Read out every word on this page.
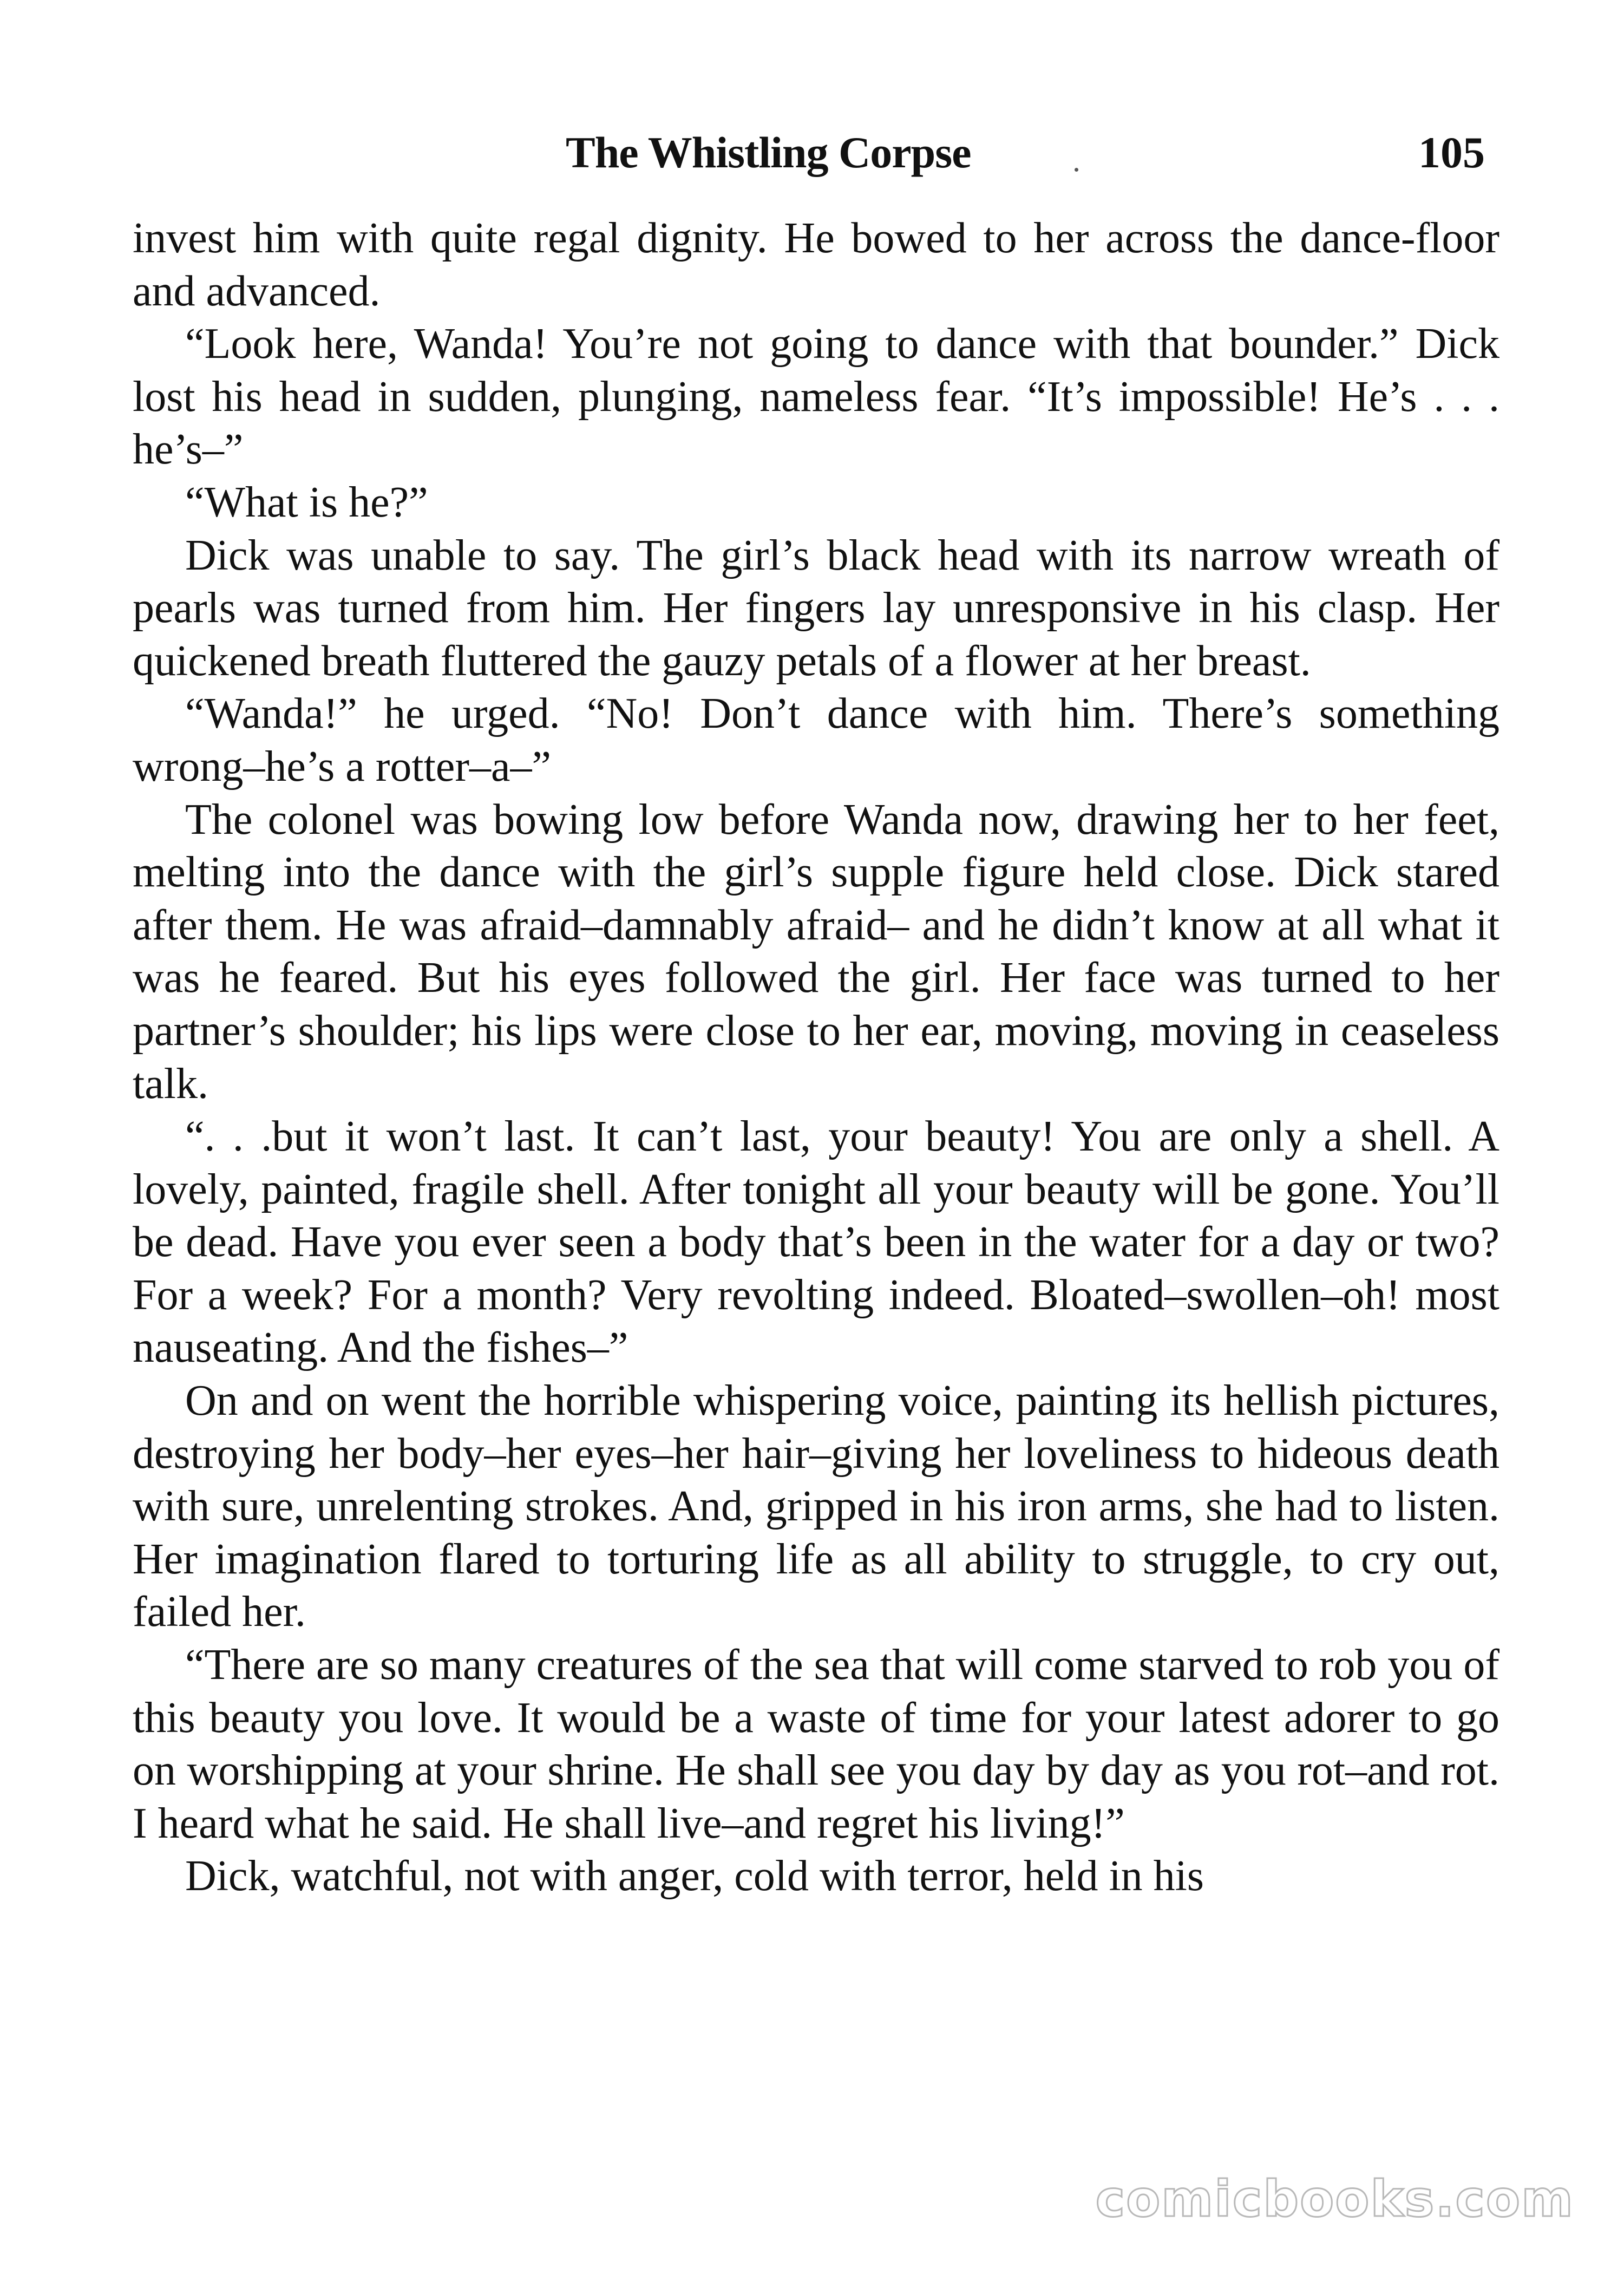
The Whistling Corpse	105

invest him with quite regal dignity. He bowed to her across the dance-floor and advanced.

“Look here, Wanda! You’re not going to dance with that bounder.” Dick lost his head in sudden, plunging, nameless fear. “It’s impossible! He’s . . . he’s–”

“What is he?”

Dick was unable to say. The girl’s black head with its narrow wreath of pearls was turned from him. Her fingers lay unresponsive in his clasp. Her quickened breath fluttered the gauzy petals of a flower at her breast.

“Wanda!” he urged. “No! Don’t dance with him. There’s something wrong–he’s a rotter–a–”

The colonel was bowing low before Wanda now, drawing her to her feet, melting into the dance with the girl’s supple figure held close. Dick stared after them. He was afraid–damnably afraid– and he didn’t know at all what it was he feared. But his eyes followed the girl. Her face was turned to her partner’s shoulder; his lips were close to her ear, moving, moving in ceaseless talk.

“. . .but it won’t last. It can’t last, your beauty! You are only a shell. A lovely, painted, fragile shell. After tonight all your beauty will be gone. You’ll be dead. Have you ever seen a body that’s been in the water for a day or two? For a week? For a month? Very revolting indeed. Bloated–swollen–oh! most nauseating. And the fishes–”

On and on went the horrible whispering voice, painting its hellish pictures, destroying her body–her eyes–her hair–giving her loveliness to hideous death with sure, unrelenting strokes. And, gripped in his iron arms, she had to listen. Her imagination flared to torturing life as all ability to struggle, to cry out, failed her.

“There are so many creatures of the sea that will come starved to rob you of this beauty you love. It would be a waste of time for your latest adorer to go on worshipping at your shrine. He shall see you day by day as you rot–and rot. I heard what he said. He shall live–and regret his living!”

Dick, watchful, not with anger, cold with terror, held in his

comicbooks.com
